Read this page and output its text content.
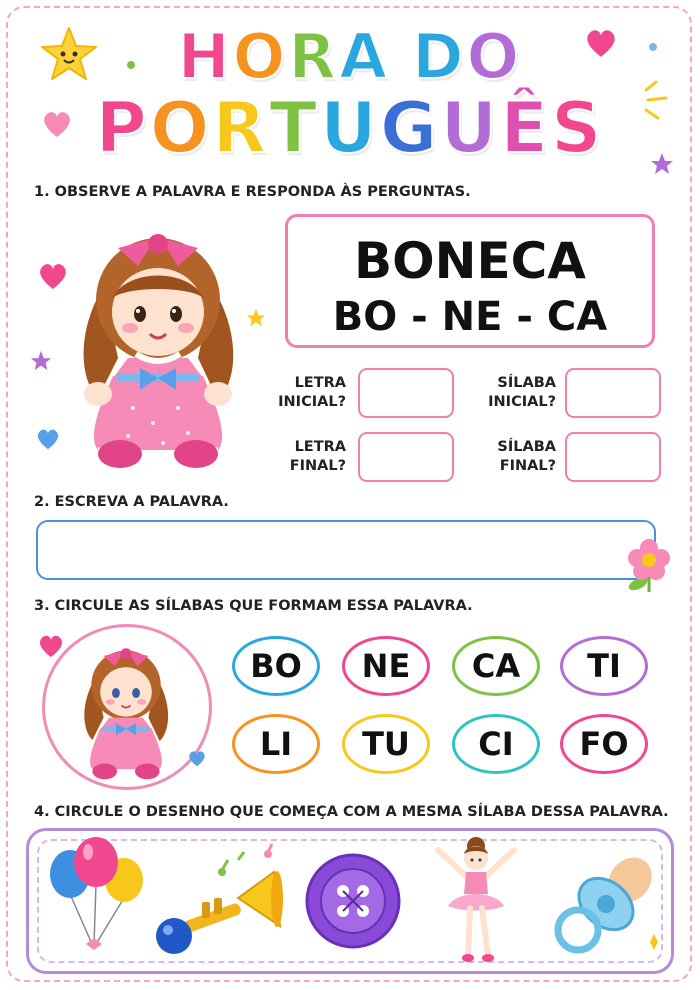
HORA DO
PORTUGUÊS
1. OBSERVE A PALAVRA E RESPONDA ÀS PERGUNTAS.
BONECA
BO - NE - CA
LETRA
INICIAL?
SÍLABA
INICIAL?
LETRA
FINAL?
SÍLABA
FINAL?
2. ESCREVA A PALAVRA.
3. CIRCULE AS SÍLABAS QUE FORMAM ESSA PALAVRA.
BO	NE	CA	TI
LI	TU	CI	FO
4. CIRCULE O DESENHO QUE COMEÇA COM A MESMA SÍLABA DESSA PALAVRA.
